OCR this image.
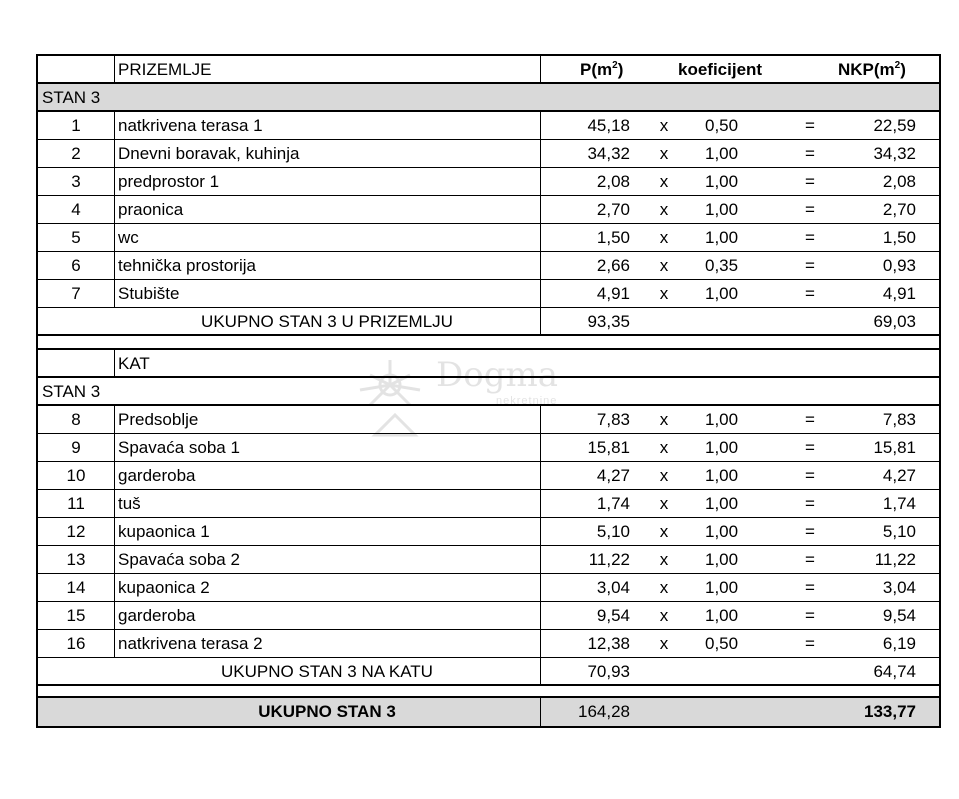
Dogma
nekretnine
PRIZEMLJE	$P(m^2)$	koeficijent	$NKP(m^2)$
STAN 3
1	natkrivena terasa 1	45,18	x	0,50	=	22,59
2	Dnevni boravak, kuhinja	34,32	x	1,00	=	34,32
3	predprostor 1	2,08	x	1,00	=	2,08
4	praonica	2,70	x	1,00	=	2,70
5	wc	1,50	x	1,00	=	1,50
6	tehnička prostorija	2,66	x	0,35	=	0,93
7	Stubište	4,91	x	1,00	=	4,91
UKUPNO STAN 3 U PRIZEMLJU	93,35	69,03
KAT
STAN 3
8	Predsoblje	7,83	x	1,00	=	7,83
9	Spavaća soba 1	15,81	x	1,00	=	15,81
10	garderoba	4,27	x	1,00	=	4,27
11	tuš	1,74	x	1,00	=	1,74
12	kupaonica 1	5,10	x	1,00	=	5,10
13	Spavaća soba 2	11,22	x	1,00	=	11,22
14	kupaonica 2	3,04	x	1,00	=	3,04
15	garderoba	9,54	x	1,00	=	9,54
16	natkrivena terasa 2	12,38	x	0,50	=	6,19
UKUPNO STAN 3 NA KATU	70,93	64,74
UKUPNO STAN 3	164,28	133,77
